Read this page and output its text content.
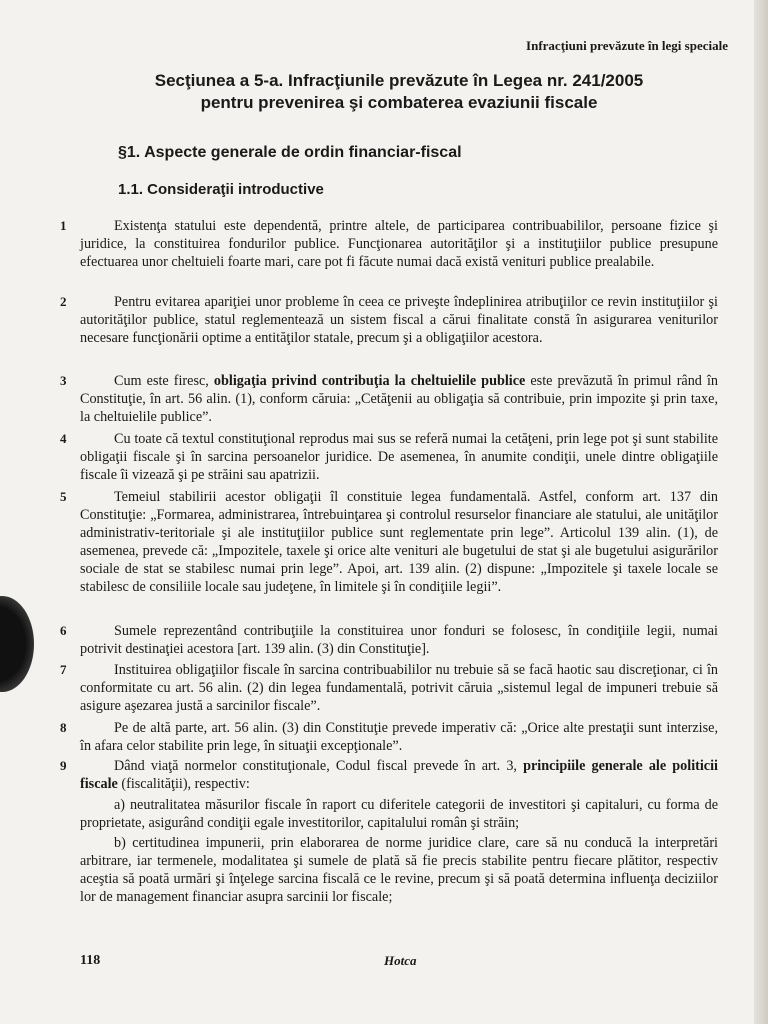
Infracţiuni prevăzute în legi speciale
Secţiunea a 5-a. Infracţiunile prevăzute în Legea nr. 241/2005
pentru prevenirea şi combaterea evaziunii fiscale
§1. Aspecte generale de ordin financiar-fiscal
1.1. Consideraţii introductive
1	Existenţa statului este dependentă, printre altele, de participarea contribuabililor, persoane fizice şi juridice, la constituirea fondurilor publice. Funcţionarea autorităţilor şi a instituţiilor publice presupune efectuarea unor cheltuieli foarte mari, care pot fi făcute numai dacă există venituri publice prealabile.
2	Pentru evitarea apariţiei unor probleme în ceea ce priveşte îndeplinirea atribuţiilor ce revin instituţiilor şi autorităţilor publice, statul reglementează un sistem fiscal a cărui finalitate constă în asigurarea veniturilor necesare funcţionării optime a entităţilor statale, precum şi a obligaţiilor acestora.
3	Cum este firesc, obligaţia privind contribuţia la cheltuielile publice este prevăzută în primul rând în Constituţie, în art. 56 alin. (1), conform căruia: „Cetăţenii au obligaţia să contribuie, prin impozite şi prin taxe, la cheltuielile publice”.
4	Cu toate că textul constituţional reprodus mai sus se referă numai la cetăţeni, prin lege pot şi sunt stabilite obligaţii fiscale şi în sarcina persoanelor juridice. De asemenea, în anumite condiţii, unele dintre obligaţiile fiscale îi vizează şi pe străini sau apatrizii.
5	Temeiul stabilirii acestor obligaţii îl constituie legea fundamentală. Astfel, conform art. 137 din Constituţie: „Formarea, administrarea, întrebuinţarea şi controlul resurselor financiare ale statului, ale unităţilor administrativ-teritoriale şi ale instituţiilor publice sunt reglementate prin lege”. Articolul 139 alin. (1), de asemenea, prevede că: „Impozitele, taxele şi orice alte venituri ale bugetului de stat şi ale bugetului asigurărilor sociale de stat se stabilesc numai prin lege”. Apoi, art. 139 alin. (2) dispune: „Impozitele şi taxele locale se stabilesc de consiliile locale sau judeţene, în limitele şi în condiţiile legii”.
6	Sumele reprezentând contribuţiile la constituirea unor fonduri se folosesc, în condiţiile legii, numai potrivit destinaţiei acestora [art. 139 alin. (3) din Constituţie].
7	Instituirea obligaţiilor fiscale în sarcina contribuabililor nu trebuie să se facă haotic sau discreţionar, ci în conformitate cu art. 56 alin. (2) din legea fundamentală, potrivit căruia „sistemul legal de impuneri trebuie să asigure aşezarea justă a sarcinilor fiscale”.
8	Pe de altă parte, art. 56 alin. (3) din Constituţie prevede imperativ că: „Orice alte prestaţii sunt interzise, în afara celor stabilite prin lege, în situaţii excepţionale”.
9	Dând viaţă normelor constituţionale, Codul fiscal prevede în art. 3, principiile generale ale politicii fiscale (fiscalităţii), respectiv:
a) neutralitatea măsurilor fiscale în raport cu diferitele categorii de investitori şi capitaluri, cu forma de proprietate, asigurând condiţii egale investitorilor, capitalului român şi străin;
b) certitudinea impunerii, prin elaborarea de norme juridice clare, care să nu conducă la interpretări arbitrare, iar termenele, modalitatea şi sumele de plată să fie precis stabilite pentru fiecare plătitor, respectiv aceştia să poată urmări şi înţelege sarcina fiscală ce le revine, precum şi să poată determina influenţa deciziilor lor de management financiar asupra sarcinii lor fiscale;
118	Hotca
